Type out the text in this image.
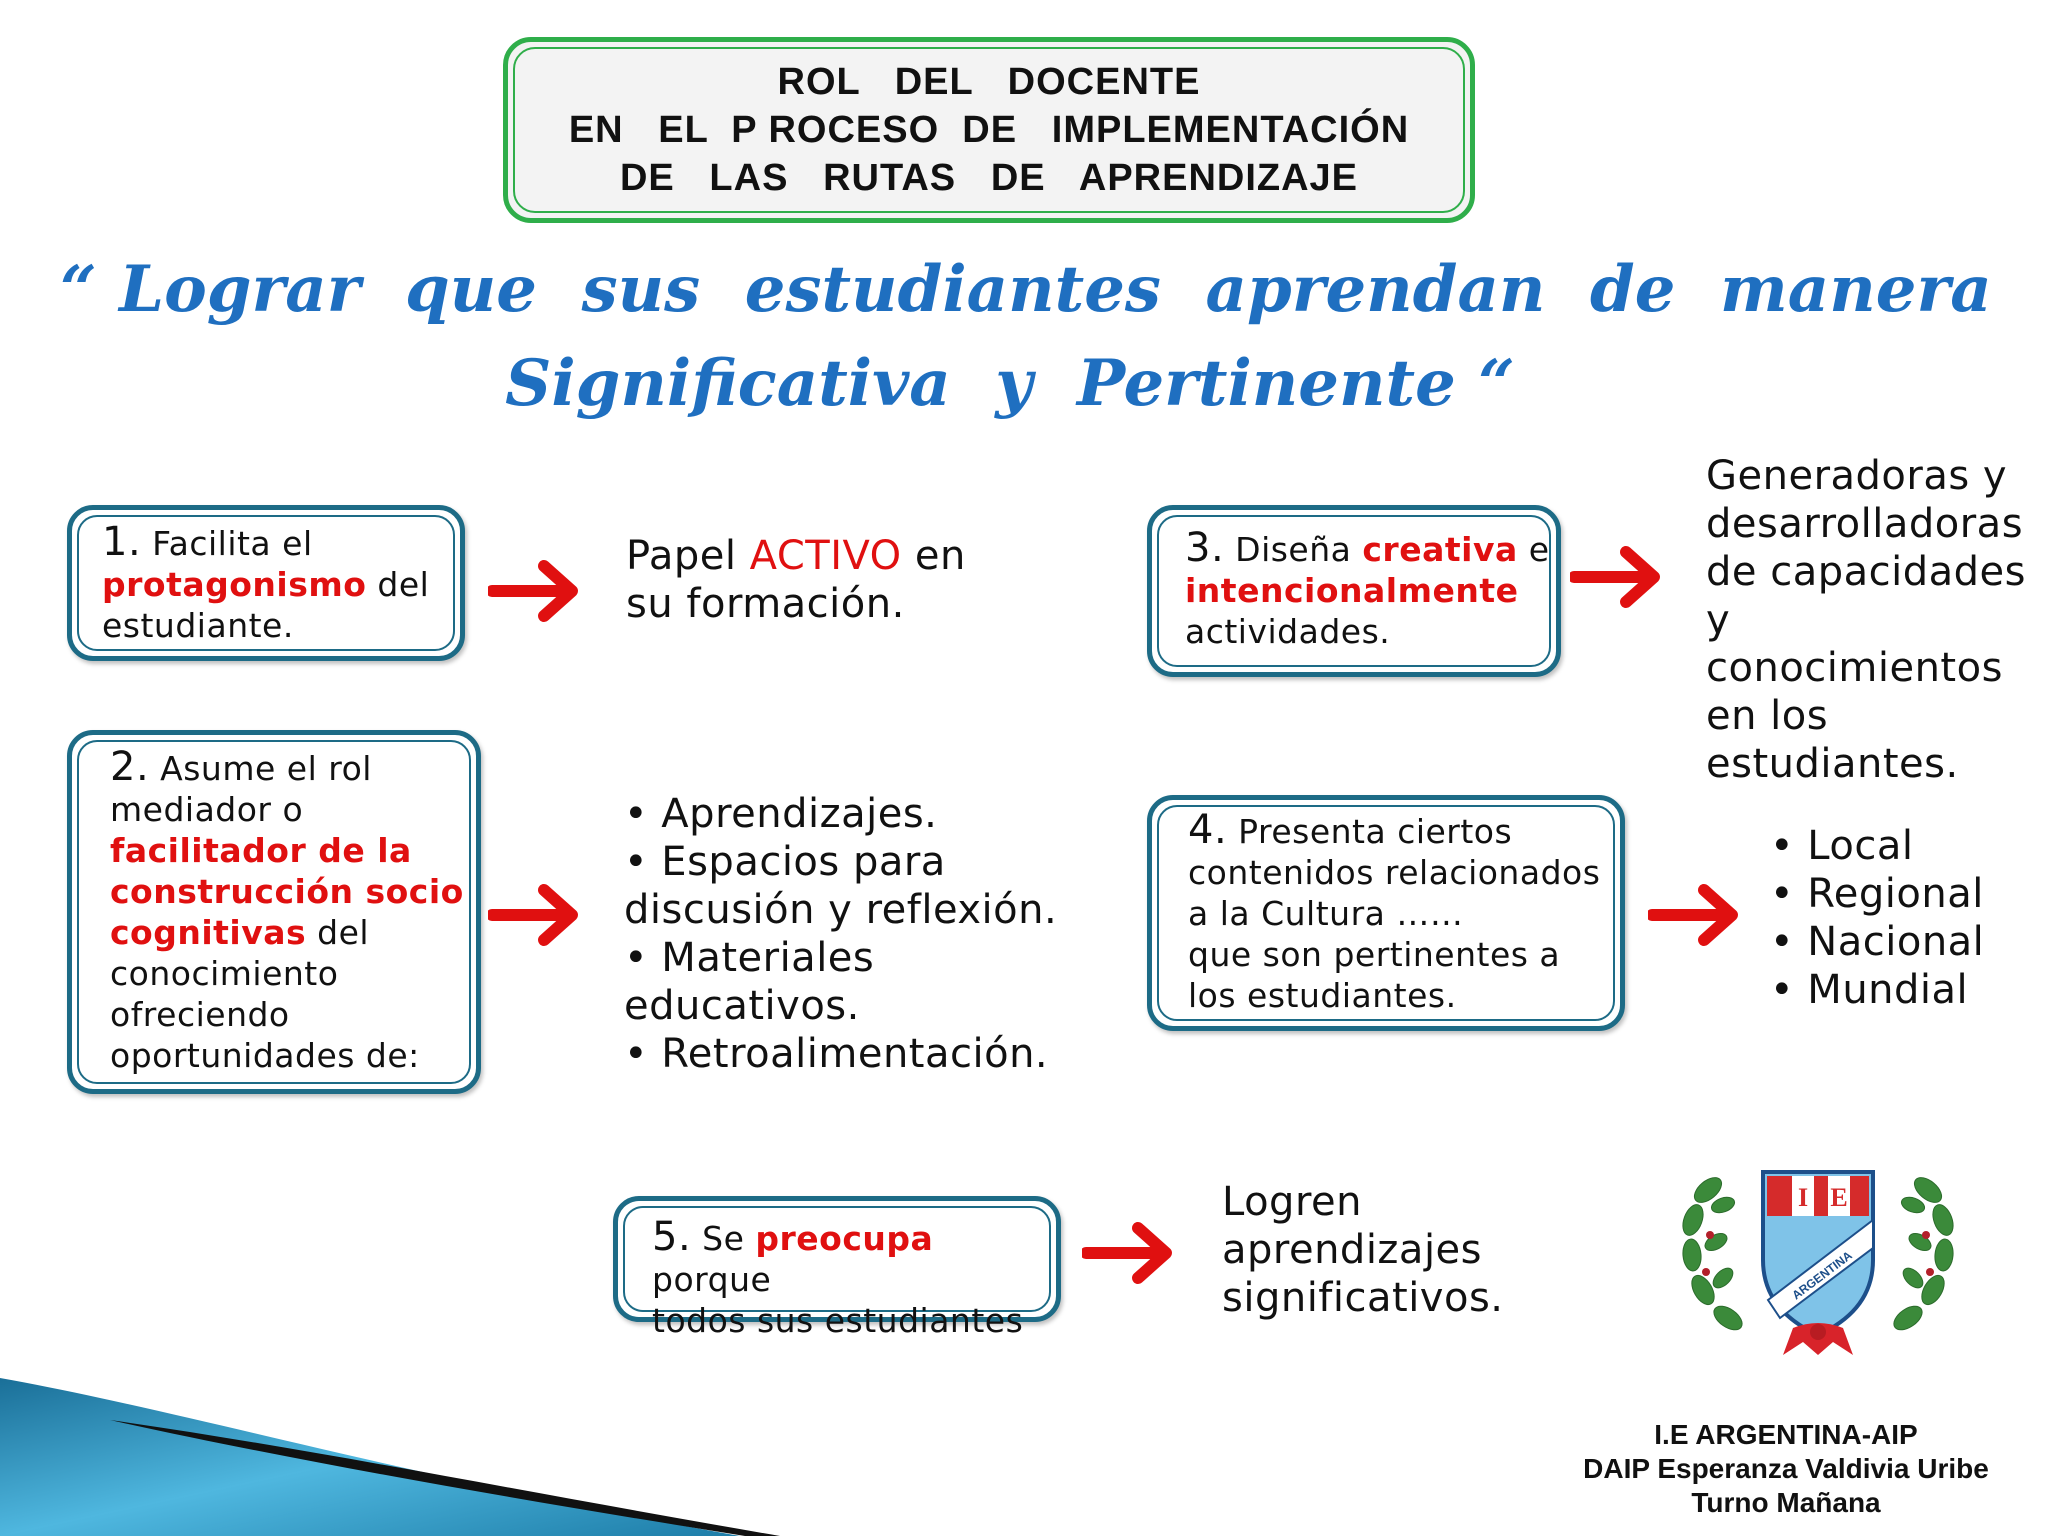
ROL   DEL   DOCENTE
EN   EL  P ROCESO  DE   IMPLEMENTACIÓN
DE   LAS   RUTAS   DE   APRENDIZAJE
“ Lograr  que  sus  estudiantes  aprendan  de  manera
Significativa  y  Pertinente “
1. Facilita el
protagonismo del
estudiante.
Papel ACTIVO en
su formación.
2. Asume el rol
mediador o
facilitador de la
construcción socio
cognitivas del
conocimiento
ofreciendo
oportunidades de:
• Aprendizajes.
• Espacios para
discusión y reflexión.
• Materiales educativos.
• Retroalimentación.
3. Diseña creativa e
intencionalmente
actividades.
Generadoras y
desarrolladoras
de capacidades
y conocimientos
en los
estudiantes.
4. Presenta ciertos
contenidos relacionados
a la Cultura ……
que son pertinentes a
los estudiantes.
• Local
• Regional
• Nacional
• Mundial
5. Se preocupa porque
todos sus estudiantes
Logren
aprendizajes
significativos.
I E
ARGENTINA
I.E ARGENTINA-AIP
DAIP Esperanza Valdivia Uribe
Turno Mañana
